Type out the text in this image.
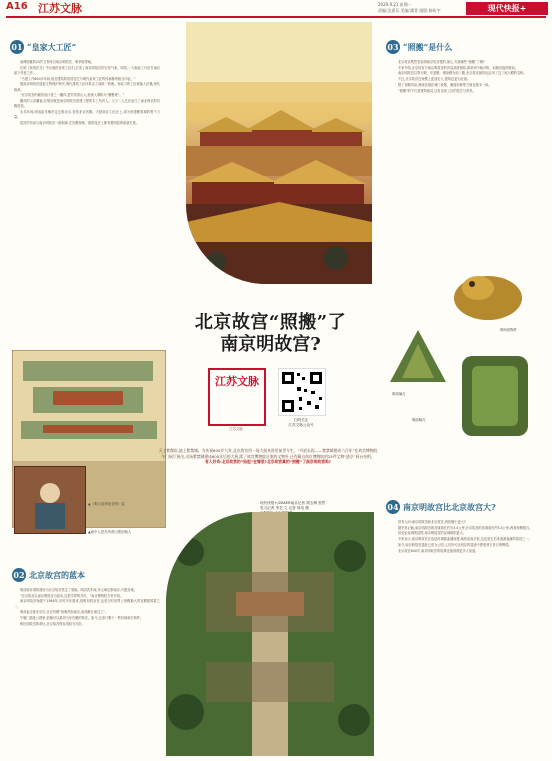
A16 江苏文脉	2020.9.21 星期一
责编:沈嘉乐 美编:潘青 组版:陈昕宇	现代快报+
01 “皇家大工匠”

南博院藏的25件文物来自南京明故宫、明孝陵等地。

在明《营造法式》中记载的皇家工匠们,打造了南京明故宫的宏伟气象。明初,一大批能工巧匠在南京留下传世之作。

“古建工作600多年间,故宫建筑的营造技艺与明代皇家工匠的传承脉络相互印证。”

据南京明故宫遗址文物保护研究,明代建筑工匠体系由工部统一管理。有能力的工匠被编入匠籍,世代相承。

“北京故宫的最初设计者之一蒯祥,是苏州香山人,他被人尊称为“蒯鲁班”。”

蒯祥的父亲蒯福,在明初就是南京明故宫营建工程的木工负责人。父子二人先后参与了南北两京的宫殿营造。

永乐年间,明成祖朱棣决定迁都北京,营造北京宫殿。大批南京工匠北上,成为营建紫禁城的骨干力量。

故宫的布局与南京明故宫一脉相承,在宫殿规制、建筑技法上都有着明显的承袭关系。

▲《明太祖孝陵全图》卷
▲画中人是苏州香山帮创始人
02 北京故宫的蓝本

明初南京城的建设为北京故宫奠定了基础。明洪武年间,朱元璋定都南京,兴建宫城。

“北京故宫以南京明故宫为蓝本,这是学界的共识。”南京博物院专家介绍。

南京明故宫始建于1366年,历时多年建成,是明初的皇宫,也是当时世界上规模最大的宫殿建筑群之一。

明成祖迁都北京后,北京宫殿“规制悉如南京,而高敞壮丽过之”。

午朝门遗址公园里,依稀可以看到当年宫殿的恢宏。如今,这里只剩下一些柱础和石构件。

相比明故宫的命运,北京故宫保存得较为完好。

03 “照搬”是什么

北京故宫既然是参照南京故宫建的,那么,究竟哪些“照搬”了呢?

专家介绍,北京故宫与南京明故宫的布局高度相似,都采用中轴对称、前朝后寝的格局。

南京明故宫以奉天殿、华盖殿、谨身殿为前三殿,北京故宫最初也沿用了这三座大殿的名称。

不过,北京故宫在规模上更加宏大,建筑也更为壮丽。

除了宫殿布局,两座宫城在城门设置、御道形制等方面也基本一致。

“照搬”的不仅是建筑格局,还有皇家工匠的技艺与审美。

明吻兽陶件
明琉璃瓦
明绿釉瓦
北京故宫“照搬”了
南京明故宫?
江苏文脉
江苏文脉
扫码关注
江苏文脉公众号
天上紫微垣,地上紫禁城。为庆祝600岁大寿,北京故宫用一场大展来讲述前世今生。“丹宸永固——紫禁城建成六百年”在故宫博物院午门展厅展出,这场紫禁城建成600年后的大展,除了故宫博物院自家的文物外,还有藏自南京博物院的25件文物“进京”同台亮相。
有人好奇:北京故宫的“始祖”在哪里?北京故宫真的“照搬”了南京明故宫吗?
现代快报+/ZAKER南京记者 胡玉梅 张然
见习记者 李艺 文 记者 徐岚 摄	04 南京明故宫比北京故宫大?

常有人问:南京明故宫和北京故宫,到底哪个更大?

据史料记载,南京明故宫的宫城周长约为3.4公里,北京故宫的宫城周长约3.4公里,两者规模相当。

但若论皇城的范围,南京明故宫的皇城面积更大。

专家表示,南京明故宫在选址时填燕雀湖而建,地势前高后低,这也是它后来逐渐衰落的原因之一。

如今,南京明故宫遗址已成为公园,人们仍可从残存的遗迹中感受到它昔日的辉煌。

北京故宫600岁,南京明故宫的故事也值得被更多人知道。
